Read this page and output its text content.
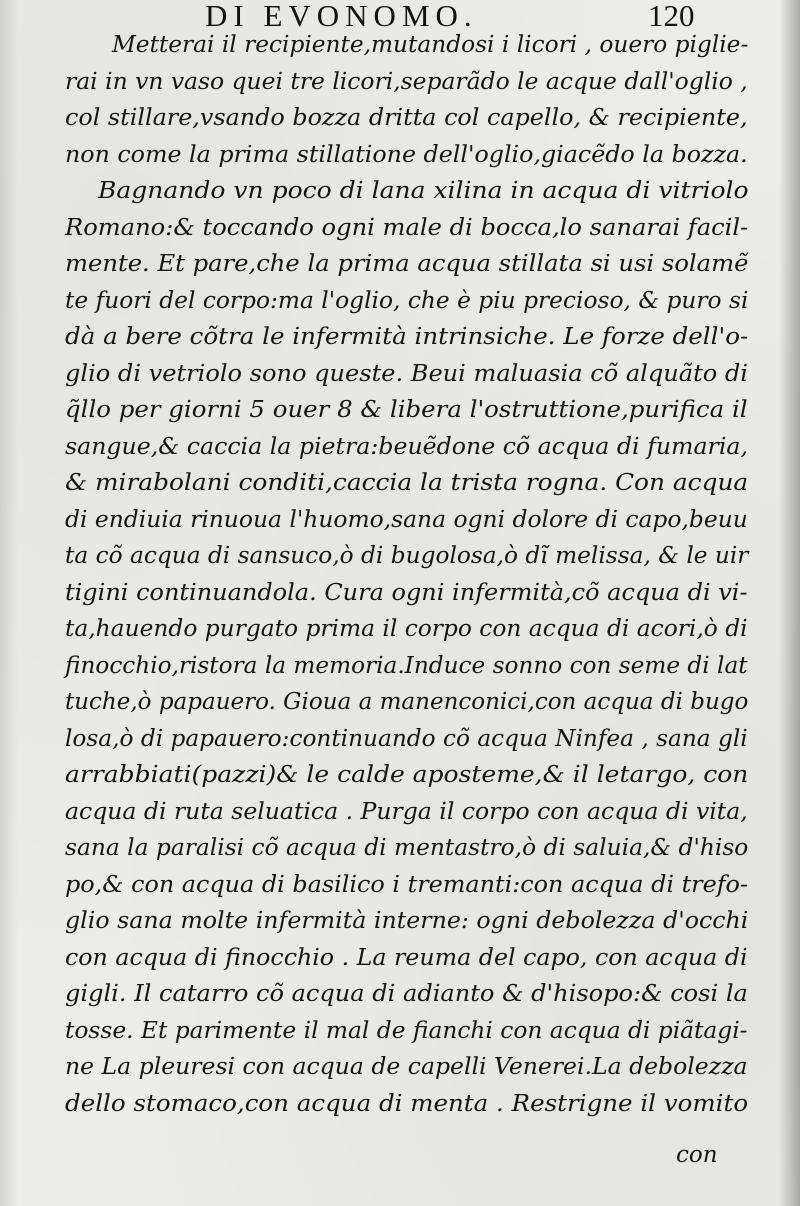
DI EVONOMO.	120
Metterai il recipiente,mutandosi i licori , ouero piglie-
rai in vn vaso quei tre licori,separãdo le acque dall'oglio ,
col stillare,vsando bozza dritta col capello, & recipiente,
non come la prima stillatione dell'oglio,giacẽdo la bozza.
Bagnando vn poco di lana xilina in acqua di vitriolo
Romano:& toccando ogni male di bocca,lo sanarai facil-
mente. Et pare,che la prima acqua stillata si usi solamẽ
te fuori del corpo:ma l'oglio, che è piu precioso, & puro si
dà a bere cõtra le infermità intrinsiche. Le forze dell'o-
glio di vetriolo sono queste. Beui maluasia cõ alquãto di
q̃llo per giorni 5 ouer 8 & libera l'ostruttione,purifica il
sangue,& caccia la pietra:beuẽdone cõ acqua di fumaria,
& mirabolani conditi,caccia la trista rogna. Con acqua
di endiuia rinuoua l'huomo,sana ogni dolore di capo,beuu
ta cõ acqua di sansuco,ò di bugolosa,ò dĩ melissa, & le uir
tigini continuandola. Cura ogni infermità,cõ acqua di vi-
ta,hauendo purgato prima il corpo con acqua di acori,ò di
finocchio,ristora la memoria.Induce sonno con seme di lat
tuche,ò papauero. Gioua a manenconici,con acqua di bugo
losa,ò di papauero:continuando cõ acqua Ninfea , sana gli
arrabbiati(pazzi)& le calde aposteme,& il letargo, con
acqua di ruta seluatica . Purga il corpo con acqua di vita,
sana la paralisi cõ acqua di mentastro,ò di saluia,& d'hiso
po,& con acqua di basilico i tremanti:con acqua di trefo-
glio sana molte infermità interne: ogni debolezza d'occhi
con acqua di finocchio . La reuma del capo, con acqua di
gigli. Il catarro cõ acqua di adianto & d'hisopo:& cosi la
tosse. Et parimente il mal de fianchi con acqua di piãtagi-
ne La pleuresi con acqua de capelli Venerei.La debolezza
dello stomaco,con acqua di menta . Restrigne il vomito
con
